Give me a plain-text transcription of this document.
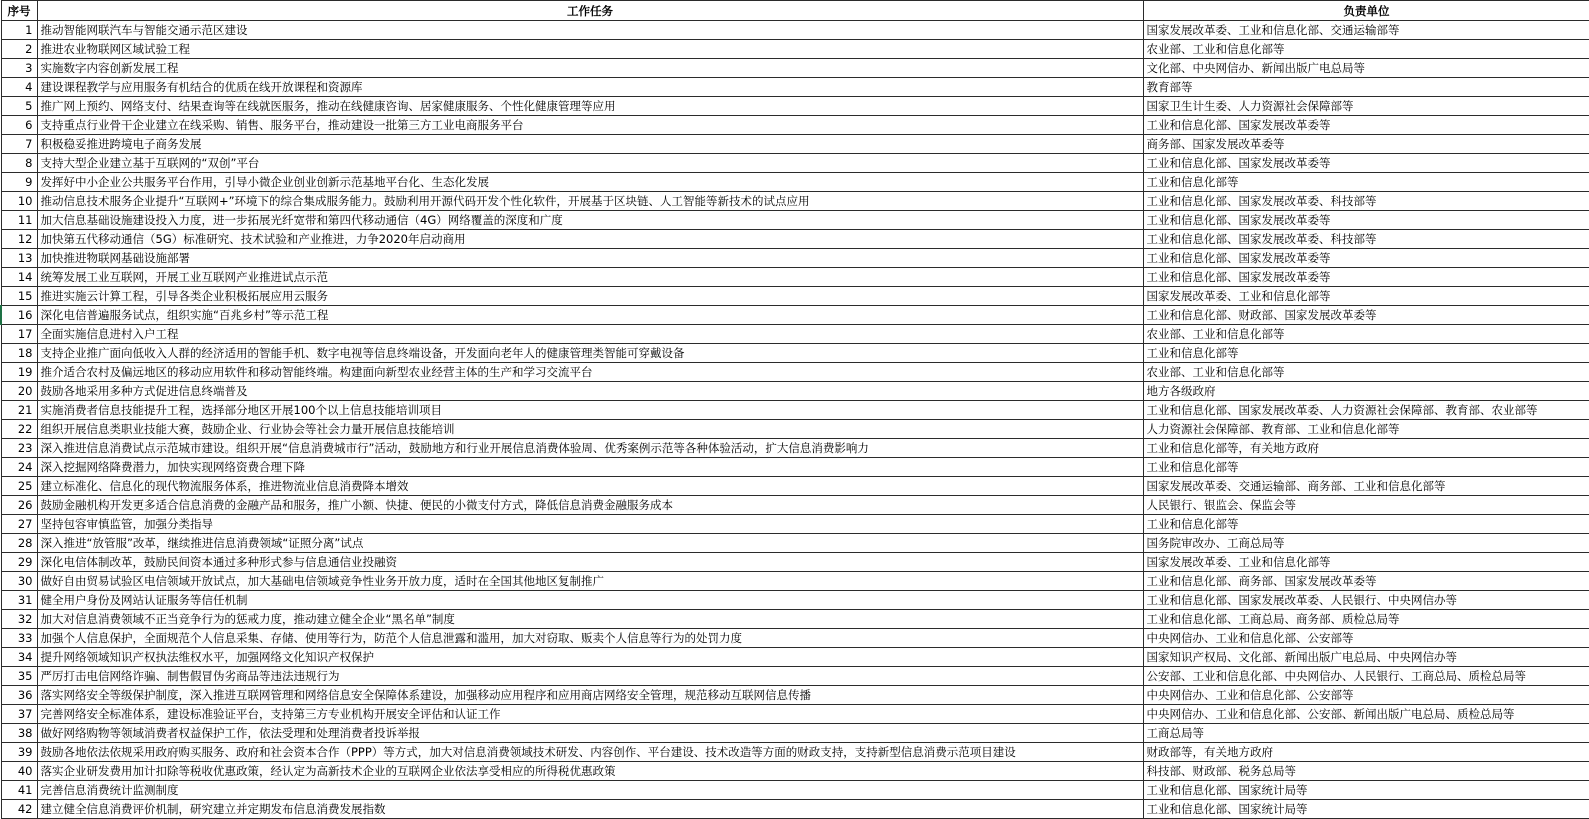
序号	工作任务	负责单位
1	推动智能网联汽车与智能交通示范区建设	国家发展改革委、工业和信息化部、交通运输部等
2	推进农业物联网区域试验工程	农业部、工业和信息化部等
3	实施数字内容创新发展工程	文化部、中央网信办、新闻出版广电总局等
4	建设课程教学与应用服务有机结合的优质在线开放课程和资源库	教育部等
5	推广网上预约、网络支付、结果查询等在线就医服务，推动在线健康咨询、居家健康服务、个性化健康管理等应用	国家卫生计生委、人力资源社会保障部等
6	支持重点行业骨干企业建立在线采购、销售、服务平台，推动建设一批第三方工业电商服务平台	工业和信息化部、国家发展改革委等
7	积极稳妥推进跨境电子商务发展	商务部、国家发展改革委等
8	支持大型企业建立基于互联网的“双创”平台	工业和信息化部、国家发展改革委等
9	发挥好中小企业公共服务平台作用，引导小微企业创业创新示范基地平台化、生态化发展	工业和信息化部等
10	推动信息技术服务企业提升“互联网+”环境下的综合集成服务能力。鼓励利用开源代码开发个性化软件，开展基于区块链、人工智能等新技术的试点应用	工业和信息化部、国家发展改革委、科技部等
11	加大信息基础设施建设投入力度，进一步拓展光纤宽带和第四代移动通信（4G）网络覆盖的深度和广度	工业和信息化部、国家发展改革委等
12	加快第五代移动通信（5G）标准研究、技术试验和产业推进，力争2020年启动商用	工业和信息化部、国家发展改革委、科技部等
13	加快推进物联网基础设施部署	工业和信息化部、国家发展改革委等
14	统筹发展工业互联网，开展工业互联网产业推进试点示范	工业和信息化部、国家发展改革委等
15	推进实施云计算工程，引导各类企业积极拓展应用云服务	国家发展改革委、工业和信息化部等
16	深化电信普遍服务试点，组织实施“百兆乡村”等示范工程	工业和信息化部、财政部、国家发展改革委等
17	全面实施信息进村入户工程	农业部、工业和信息化部等
18	支持企业推广面向低收入人群的经济适用的智能手机、数字电视等信息终端设备，开发面向老年人的健康管理类智能可穿戴设备	工业和信息化部等
19	推介适合农村及偏远地区的移动应用软件和移动智能终端。构建面向新型农业经营主体的生产和学习交流平台	农业部、工业和信息化部等
20	鼓励各地采用多种方式促进信息终端普及	地方各级政府
21	实施消费者信息技能提升工程，选择部分地区开展100个以上信息技能培训项目	工业和信息化部、国家发展改革委、人力资源社会保障部、教育部、农业部等
22	组织开展信息类职业技能大赛，鼓励企业、行业协会等社会力量开展信息技能培训	人力资源社会保障部、教育部、工业和信息化部等
23	深入推进信息消费试点示范城市建设。组织开展“信息消费城市行”活动，鼓励地方和行业开展信息消费体验周、优秀案例示范等各种体验活动，扩大信息消费影响力	工业和信息化部等，有关地方政府
24	深入挖掘网络降费潜力，加快实现网络资费合理下降	工业和信息化部等
25	建立标准化、信息化的现代物流服务体系，推进物流业信息消费降本增效	国家发展改革委、交通运输部、商务部、工业和信息化部等
26	鼓励金融机构开发更多适合信息消费的金融产品和服务，推广小额、快捷、便民的小微支付方式，降低信息消费金融服务成本	人民银行、银监会、保监会等
27	坚持包容审慎监管，加强分类指导	工业和信息化部等
28	深入推进“放管服”改革，继续推进信息消费领域“证照分离”试点	国务院审改办、工商总局等
29	深化电信体制改革，鼓励民间资本通过多种形式参与信息通信业投融资	国家发展改革委、工业和信息化部等
30	做好自由贸易试验区电信领域开放试点，加大基础电信领域竞争性业务开放力度，适时在全国其他地区复制推广	工业和信息化部、商务部、国家发展改革委等
31	健全用户身份及网站认证服务等信任机制	工业和信息化部、国家发展改革委、人民银行、中央网信办等
32	加大对信息消费领域不正当竞争行为的惩戒力度，推动建立健全企业“黑名单”制度	工业和信息化部、工商总局、商务部、质检总局等
33	加强个人信息保护，全面规范个人信息采集、存储、使用等行为，防范个人信息泄露和滥用，加大对窃取、贩卖个人信息等行为的处罚力度	中央网信办、工业和信息化部、公安部等
34	提升网络领域知识产权执法维权水平，加强网络文化知识产权保护	国家知识产权局、文化部、新闻出版广电总局、中央网信办等
35	严厉打击电信网络诈骗、制售假冒伪劣商品等违法违规行为	公安部、工业和信息化部、中央网信办、人民银行、工商总局、质检总局等
36	落实网络安全等级保护制度，深入推进互联网管理和网络信息安全保障体系建设，加强移动应用程序和应用商店网络安全管理，规范移动互联网信息传播	中央网信办、工业和信息化部、公安部等
37	完善网络安全标准体系，建设标准验证平台，支持第三方专业机构开展安全评估和认证工作	中央网信办、工业和信息化部、公安部、新闻出版广电总局、质检总局等
38	做好网络购物等领域消费者权益保护工作，依法受理和处理消费者投诉举报	工商总局等
39	鼓励各地依法依规采用政府购买服务、政府和社会资本合作（PPP）等方式，加大对信息消费领域技术研发、内容创作、平台建设、技术改造等方面的财政支持，支持新型信息消费示范项目建设	财政部等，有关地方政府
40	落实企业研发费用加计扣除等税收优惠政策，经认定为高新技术企业的互联网企业依法享受相应的所得税优惠政策	科技部、财政部、税务总局等
41	完善信息消费统计监测制度	工业和信息化部、国家统计局等
42	建立健全信息消费评价机制，研究建立并定期发布信息消费发展指数	工业和信息化部、国家统计局等
